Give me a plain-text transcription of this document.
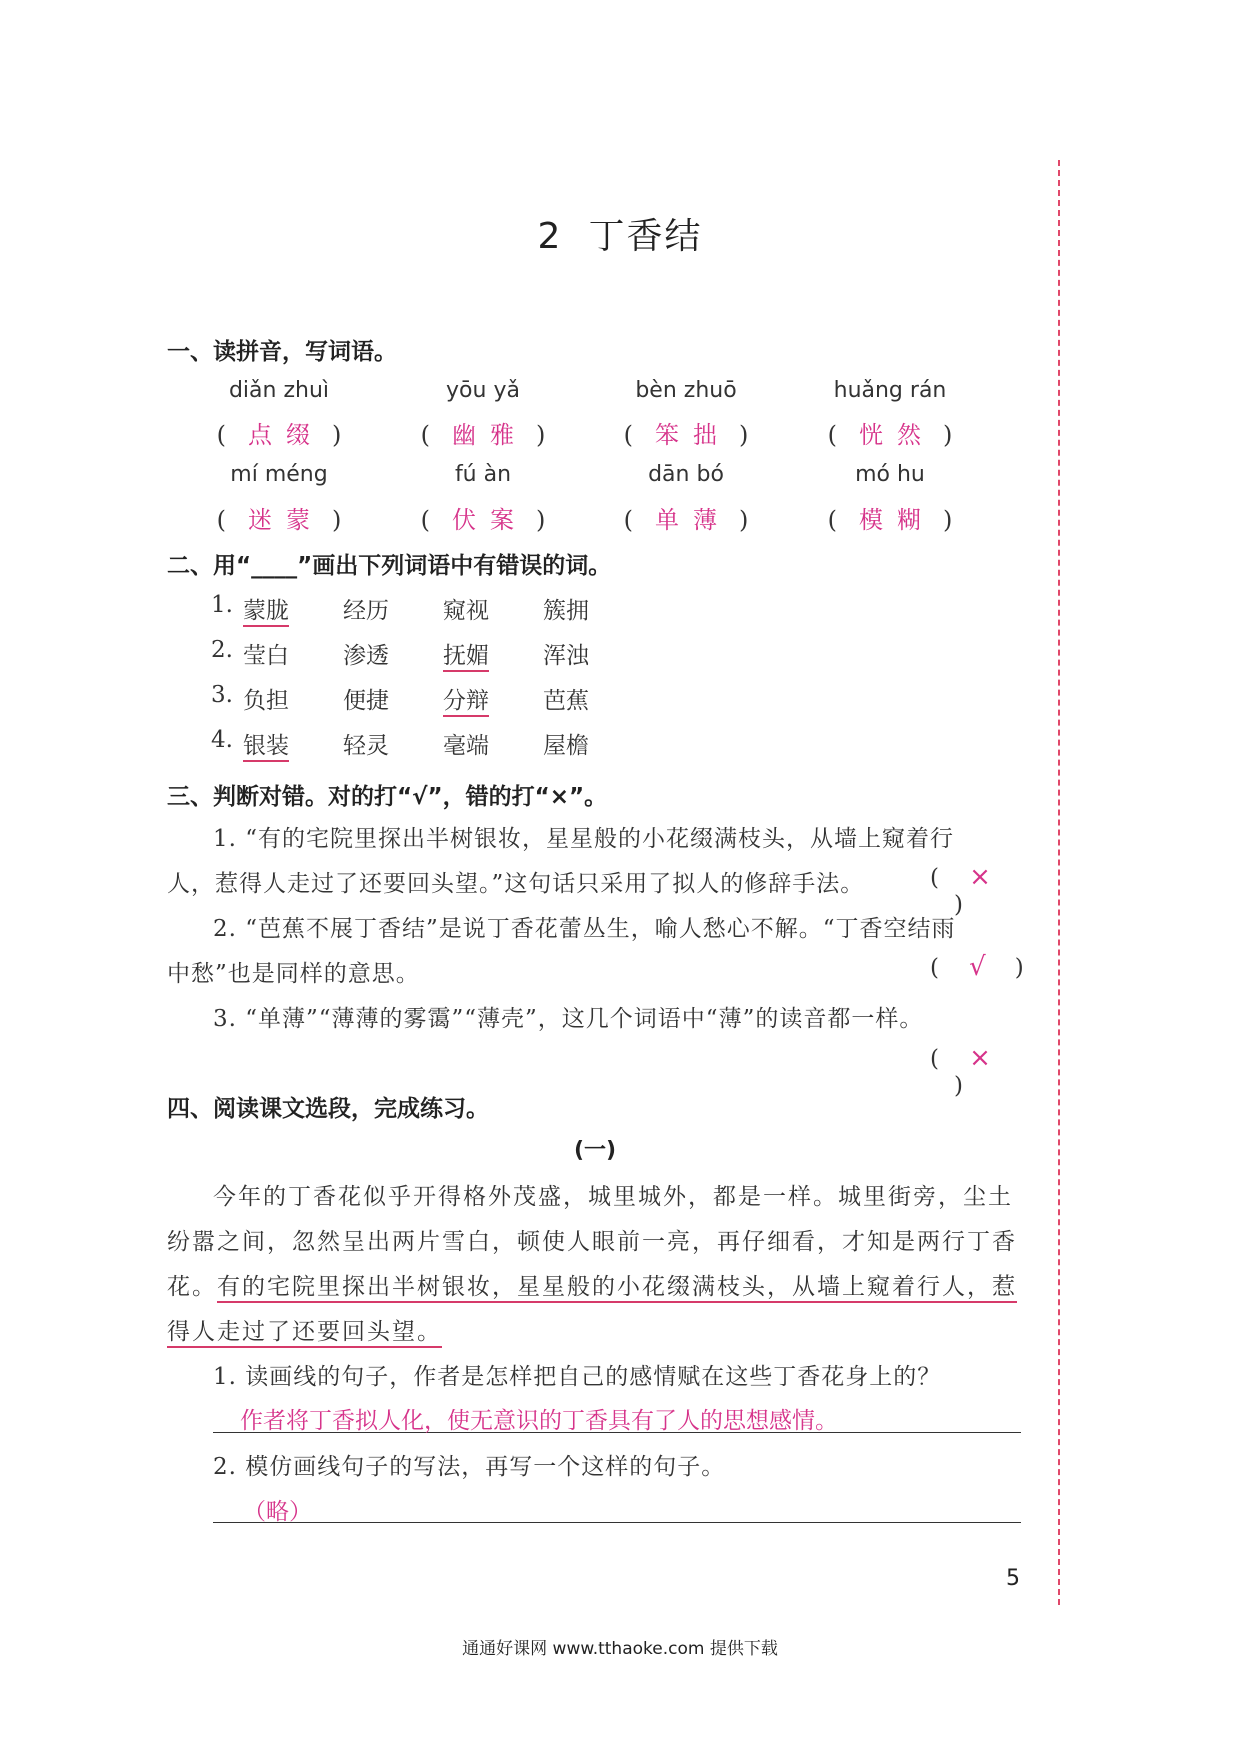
2 丁香结
一、读拼音，写词语。
diǎn zhuì
( 点缀 )
yōu yǎ
( 幽雅 )
bèn zhuō
( 笨拙 )
huǎng rán
( 恍然 )
mí méng
( 迷蒙 )
fú àn
( 伏案 )
dān bó
( 单薄 )
mó hu
( 模糊 )
二、用“____”画出下列词语中有错误的词。
1. 蒙胧 经历 窥视 簇拥
2. 莹白 渗透 抚媚 浑浊
3. 负担 便捷 分辩 芭蕉
4. 银装 轻灵 毫端 屋檐
三、判断对错。对的打“√”，错的打“×”。
1. “有的宅院里探出半树银妆，星星般的小花缀满枝头，从墙上窥着行
人，惹得人走过了还要回头望。”这句话只采用了拟人的修辞手法。	( × )
2. “芭蕉不展丁香结”是说丁香花蕾丛生，喻人愁心不解。“丁香空结雨
中愁”也是同样的意思。	( √ )
3. “单薄”“薄薄的雾霭”“薄壳”，这几个词语中“薄”的读音都一样。
( × )
四、阅读课文选段，完成练习。
(一)
今年的丁香花似乎开得格外茂盛，城里城外，都是一样。城里街旁，尘土
纷嚣之间，忽然呈出两片雪白，顿使人眼前一亮，再仔细看，才知是两行丁香
花。有的宅院里探出半树银妆，星星般的小花缀满枝头，从墙上窥着行人，惹
得人走过了还要回头望。
1. 读画线的句子，作者是怎样把自己的感情赋在这些丁香花身上的？
作者将丁香拟人化，使无意识的丁香具有了人的思想感情。
2. 模仿画线句子的写法，再写一个这样的句子。
（略）
5
通通好课网 www.tthaoke.com 提供下载
